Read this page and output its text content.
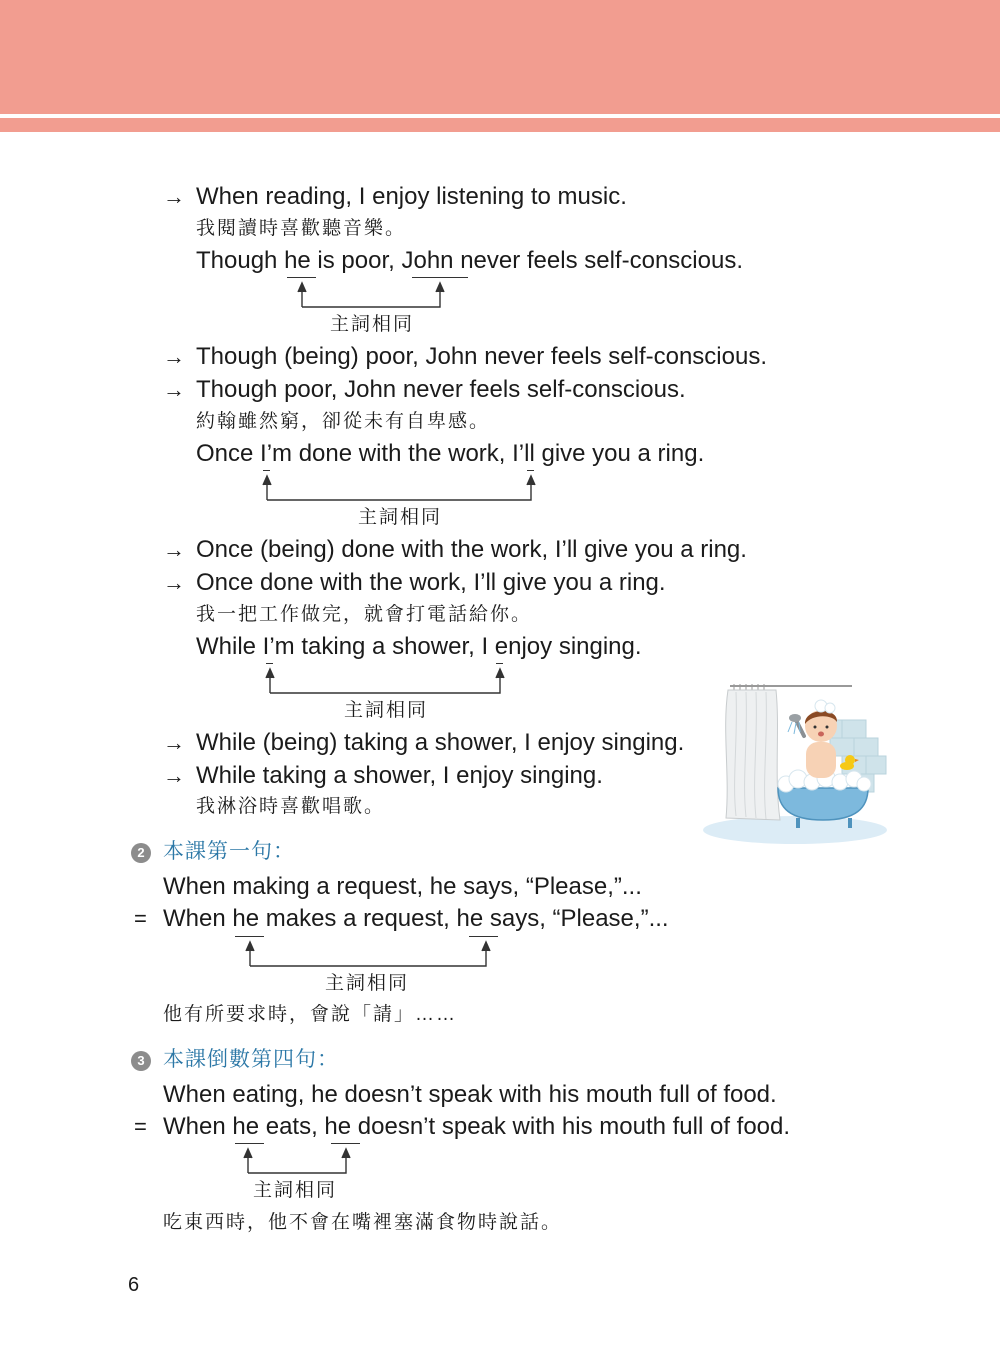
→ When reading, I enjoy listening to music.
我閱讀時喜歡聽音樂。
Though he is poor, John never feels self-conscious.
主詞相同
→ Though (being) poor, John never feels self-conscious.
→ Though poor, John never feels self-conscious.
約翰雖然窮，卻從未有自卑感。
Once I’m done with the work, I’ll give you a ring.
主詞相同
→ Once (being) done with the work, I’ll give you a ring.
→ Once done with the work, I’ll give you a ring.
我一把工作做完，就會打電話給你。
While I’m taking a shower, I enjoy singing.
主詞相同
→ While (being) taking a shower, I enjoy singing.
→ While taking a shower, I enjoy singing.
我淋浴時喜歡唱歌。
2 本課第一句：
When making a request, he says, “Please,”...
= When he makes a request, he says, “Please,”...
主詞相同
他有所要求時，會說「請」……
3 本課倒數第四句：
When eating, he doesn’t speak with his mouth full of food.
= When he eats, he doesn’t speak with his mouth full of food.
主詞相同
吃東西時，他不會在嘴裡塞滿食物時說話。
6
